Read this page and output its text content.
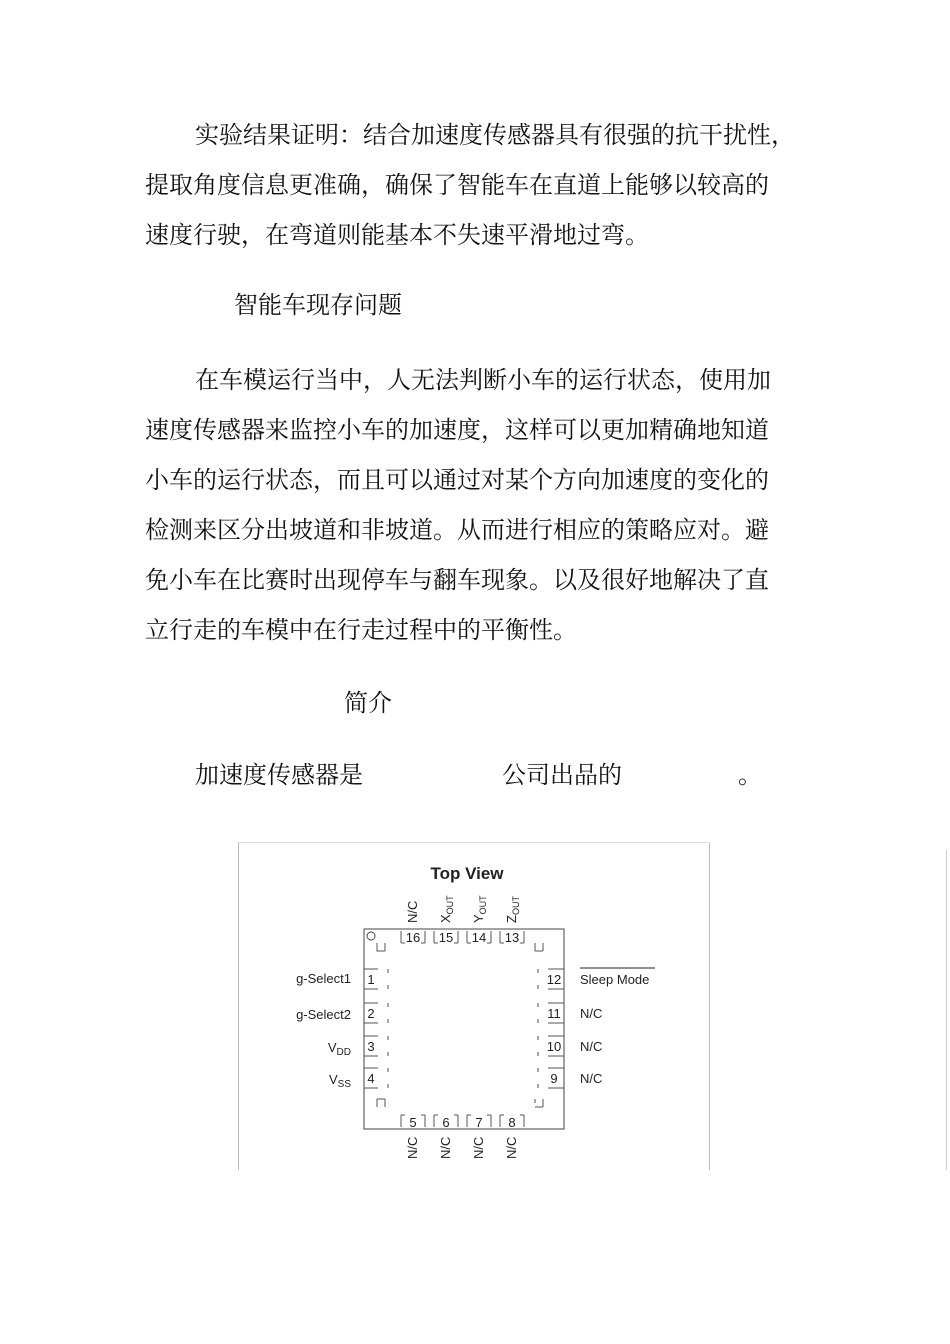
实验结果证明：结合加速度传感器具有很强的抗干扰性，
提取角度信息更准确，确保了智能车在直道上能够以较高的
速度行驶，在弯道则能基本不失速平滑地过弯。
智能车现存问题
在车模运行当中，人无法判断小车的运行状态，使用加
速度传感器来监控小车的加速度，这样可以更加精确地知道
小车的运行状态，而且可以通过对某个方向加速度的变化的
检测来区分出坡道和非坡道。从而进行相应的策略应对。避
免小车在比赛时出现停车与翻车现象。以及很好地解决了直
立行走的车模中在行走过程中的平衡性。
简介
加速度传感器是	公司出品的	。
Top View
16 15 14 13
N/C $X_{OUT}$
$Y_{OUT}$
$Z_{OUT}$
1
2
3
4
g-Select1
g-Select2
$V_{DD}$
$V_{SS}$
12
11
10
9
Sleep Mode
N/C
N/C
N/C
5 6 7 8
N/C N/C N/C N/C
